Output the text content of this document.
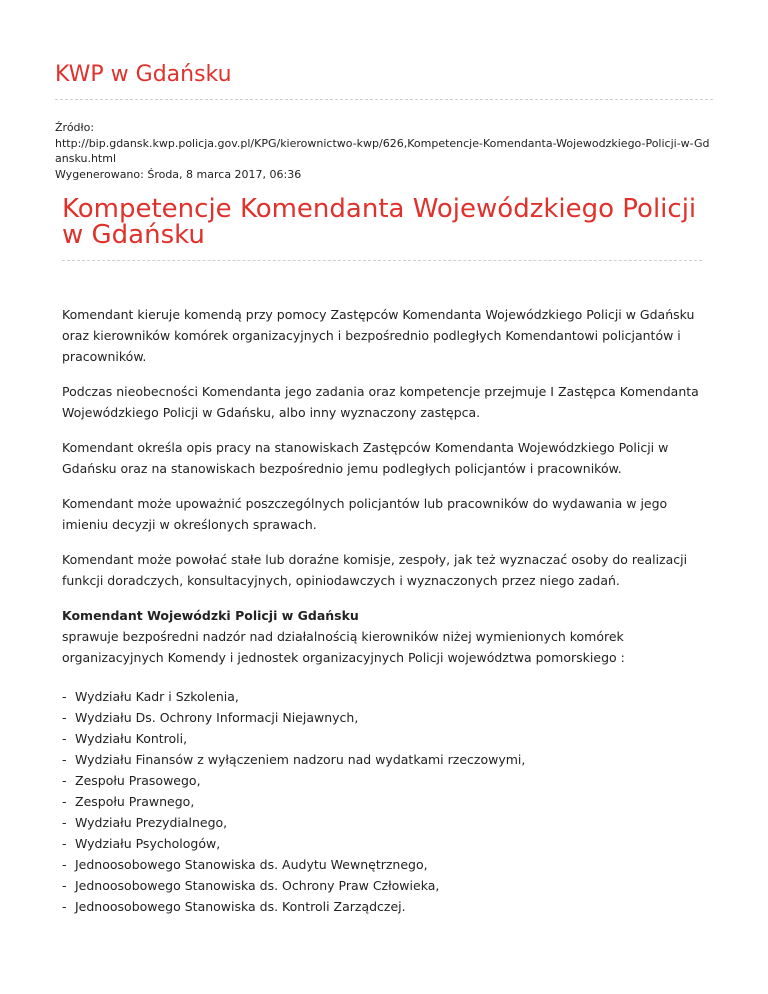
KWP w Gdańsku
Źródło:

http://bip.gdansk.kwp.policja.gov.pl/KPG/kierownictwo-kwp/626,Kompetencje-Komendanta-Wojewodzkiego-Policji-w-Gdansku.html
Wygenerowano: Środa, 8 marca 2017, 06:36
Kompetencje Komendanta Wojewódzkiego Policji w Gdańsku

Komendant kieruje komendą przy pomocy Zastępców Komendanta Wojewódzkiego Policji w Gdańsku oraz kierowników komórek organizacyjnych i bezpośrednio podległych Komendantowi policjantów i pracowników.

Podczas nieobecności Komendanta jego zadania oraz kompetencje przejmuje I Zastępca Komendanta Wojewódzkiego Policji w Gdańsku, albo inny wyznaczony zastępca.

Komendant określa opis pracy na stanowiskach Zastępców Komendanta Wojewódzkiego Policji w Gdańsku oraz na stanowiskach bezpośrednio jemu podległych policjantów i pracowników.

Komendant może upoważnić poszczególnych policjantów lub pracowników do wydawania w jego imieniu decyzji w określonych sprawach.

Komendant może powołać stałe lub doraźne komisje, zespoły, jak też wyznaczać osoby do realizacji funkcji doradczych, konsultacyjnych, opiniodawczych i wyznaczonych przez niego zadań.

Komendant Wojewódzki Policji w Gdańsku
sprawuje bezpośredni nadzór nad działalnością kierowników niżej wymienionych komórek organizacyjnych Komendy i jednostek organizacyjnych Policji województwa pomorskiego :

- Wydziału Kadr i Szkolenia,
- Wydziału Ds. Ochrony Informacji Niejawnych,
- Wydziału Kontroli,
- Wydziału Finansów z wyłączeniem nadzoru nad wydatkami rzeczowymi,
- Zespołu Prasowego,
- Zespołu Prawnego,
- Wydziału Prezydialnego,
- Wydziału Psychologów,
- Jednoosobowego Stanowiska ds. Audytu Wewnętrznego,
- Jednoosobowego Stanowiska ds. Ochrony Praw Człowieka,
- Jednoosobowego Stanowiska ds. Kontroli Zarządczej.
